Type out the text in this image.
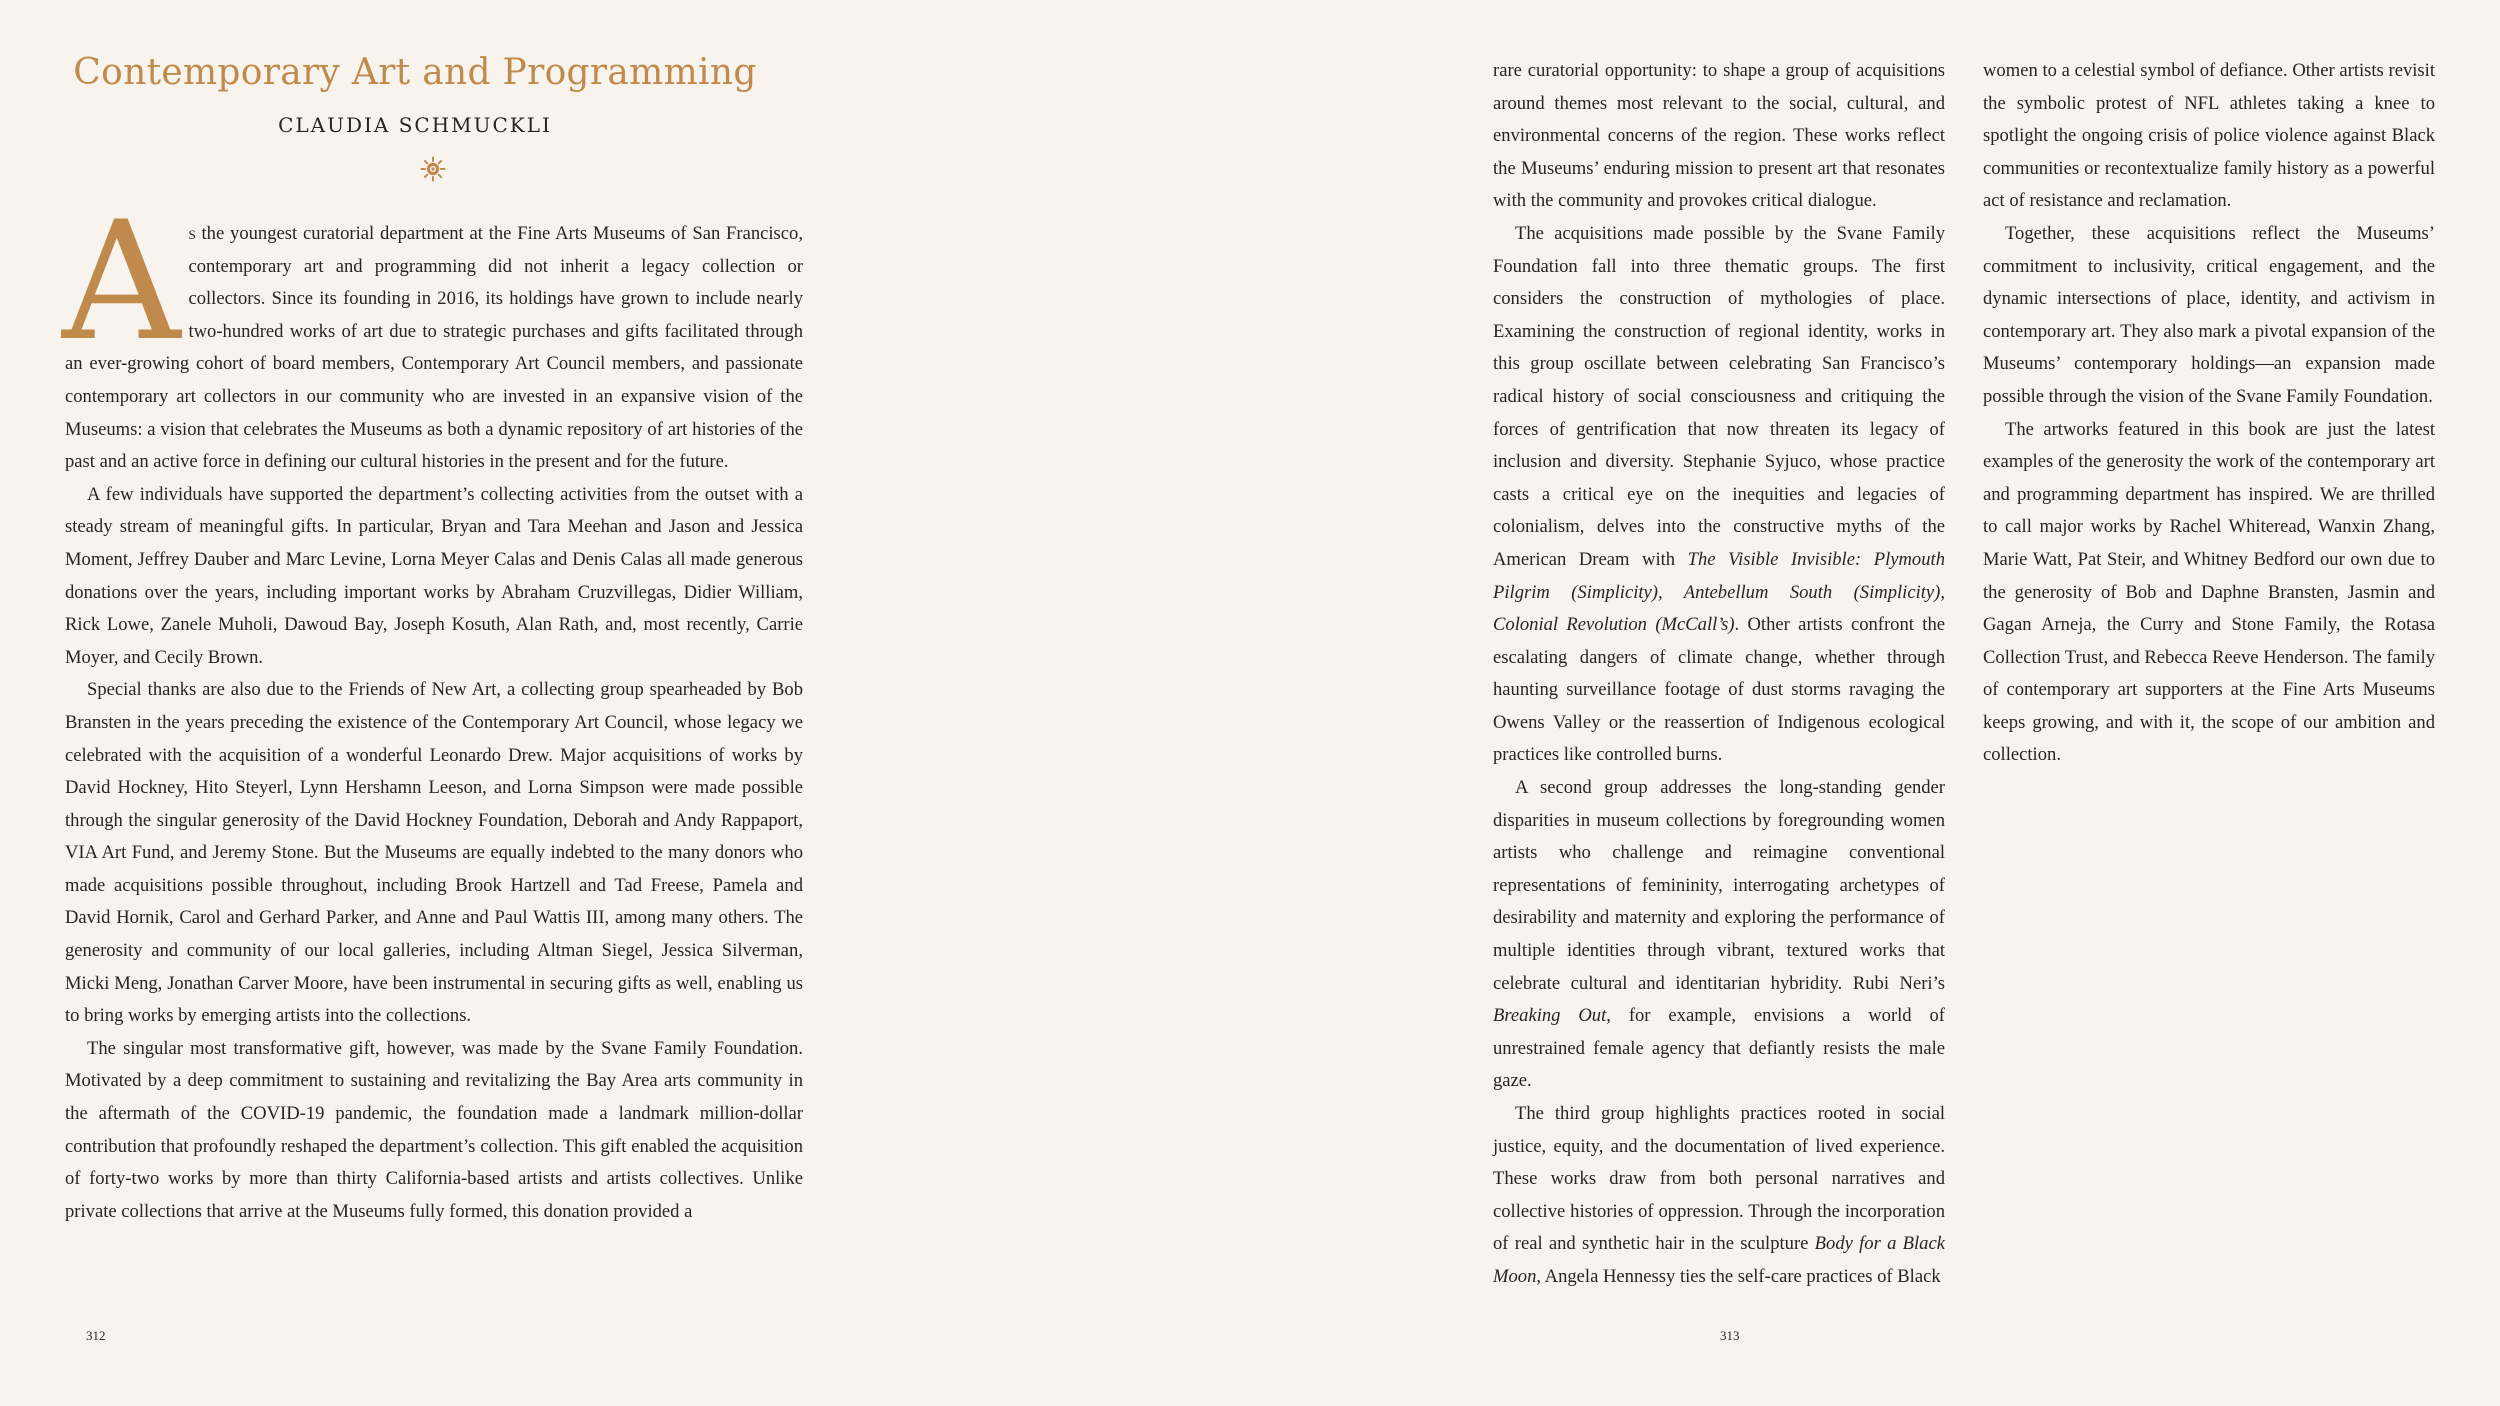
Contemporary Art and Programming
CLAUDIA SCHMUCKLI

As the youngest curatorial department at the Fine Arts Museums of San Francisco, contemporary art and programming did not inherit a legacy collection or collectors. Since its founding in 2016, its holdings have grown to include nearly two-hundred works of art due to strategic purchases and gifts facilitated through an ever-growing cohort of board members, Contemporary Art Council members, and passionate contemporary art collectors in our community who are invested in an expansive vision of the Museums: a vision that celebrates the Museums as both a dynamic repository of art histories of the past and an active force in defining our cultural histories in the present and for the future.

A few individuals have supported the department’s collecting activities from the outset with a steady stream of meaningful gifts. In particular, Bryan and Tara Meehan and Jason and Jessica Moment, Jeffrey Dauber and Marc Levine, Lorna Meyer Calas and Denis Calas all made generous donations over the years, including important works by Abraham Cruzvillegas, Didier William, Rick Lowe, Zanele Muholi, Dawoud Bay, Joseph Kosuth, Alan Rath, and, most recently, Carrie Moyer, and Cecily Brown.

Special thanks are also due to the Friends of New Art, a collecting group spearheaded by Bob Bransten in the years preceding the existence of the Contemporary Art Council, whose legacy we celebrated with the acquisition of a wonderful Leonardo Drew. Major acquisitions of works by David Hockney, Hito Steyerl, Lynn Hershamn Leeson, and Lorna Simpson were made possible through the singular generosity of the David Hockney Foundation, Deborah and Andy Rappaport, VIA Art Fund, and Jeremy Stone. But the Museums are equally indebted to the many donors who made acquisitions possible throughout, including Brook Hartzell and Tad Freese, Pamela and David Hornik, Carol and Gerhard Parker, and Anne and Paul Wattis III, among many others. The generosity and community of our local galleries, including Altman Siegel, Jessica Silverman, Micki Meng, Jonathan Carver Moore, have been instrumental in securing gifts as well, enabling us to bring works by emerging artists into the collections.

The singular most transformative gift, however, was made by the Svane Family Foundation. Motivated by a deep commitment to sustaining and revitalizing the Bay Area arts community in the aftermath of the COVID-19 pandemic, the foundation made a landmark million-dollar contribution that profoundly reshaped the department’s collection. This gift enabled the acquisition of forty-two works by more than thirty California-based artists and artists collectives. Unlike private collections that arrive at the Museums fully formed, this donation provided a

rare curatorial opportunity: to shape a group of acquisitions around themes most relevant to the social, cultural, and environmental concerns of the region. These works reflect the Museums’ enduring mission to present art that resonates with the community and provokes critical dialogue.

The acquisitions made possible by the Svane Family Foundation fall into three thematic groups. The first considers the construction of mythologies of place. Examining the construction of regional identity, works in this group oscillate between celebrating San Francisco’s radical history of social consciousness and critiquing the forces of gentrification that now threaten its legacy of inclusion and diversity. Stephanie Syjuco, whose practice casts a critical eye on the inequities and legacies of colonialism, delves into the constructive myths of the American Dream with The Visible Invisible: Plymouth Pilgrim (Simplicity), Antebellum South (Simplicity), Colonial Revolution (McCall’s). Other artists confront the escalating dangers of climate change, whether through haunting surveillance footage of dust storms ravaging the Owens Valley or the reassertion of Indigenous ecological practices like controlled burns.

A second group addresses the long-standing gender disparities in museum collections by foregrounding women artists who challenge and reimagine conventional representations of femininity, interrogating archetypes of desirability and maternity and exploring the performance of multiple identities through vibrant, textured works that celebrate cultural and identitarian hybridity. Rubi Neri’s Breaking Out, for example, envisions a world of unrestrained female agency that defiantly resists the male gaze.

The third group highlights practices rooted in social justice, equity, and the documentation of lived experience. These works draw from both personal narratives and collective histories of oppression. Through the incorporation of real and synthetic hair in the sculpture Body for a Black Moon, Angela Hennessy ties the self-care practices of Black

women to a celestial symbol of defiance. Other artists revisit the symbolic protest of NFL athletes taking a knee to spotlight the ongoing crisis of police violence against Black communities or recontextualize family history as a powerful act of resistance and reclamation.

Together, these acquisitions reflect the Museums’ commitment to inclusivity, critical engagement, and the dynamic intersections of place, identity, and activism in contemporary art. They also mark a pivotal expansion of the Museums’ contemporary holdings—an expansion made possible through the vision of the Svane Family Foundation.

The artworks featured in this book are just the latest examples of the generosity the work of the contemporary art and programming department has inspired. We are thrilled to call major works by Rachel Whiteread, Wanxin Zhang, Marie Watt, Pat Steir, and Whitney Bedford our own due to the generosity of Bob and Daphne Bransten, Jasmin and Gagan Arneja, the Curry and Stone Family, the Rotasa Collection Trust, and Rebecca Reeve Henderson. The family of contemporary art supporters at the Fine Arts Museums keeps growing, and with it, the scope of our ambition and collection.

312	313
